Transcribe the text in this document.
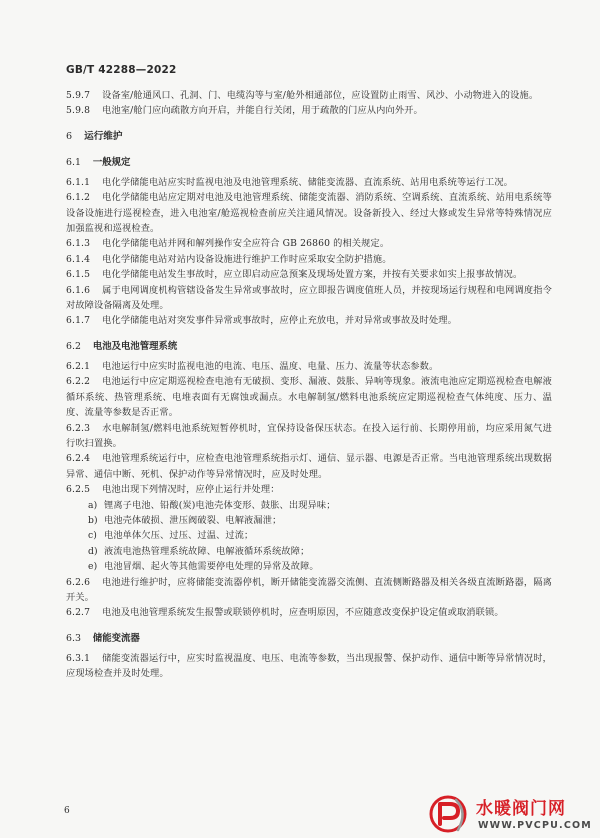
GB/T 42288—2022

5.9.7 设备室/舱通风口、孔洞、门、电缆沟等与室/舱外相通部位，应设置防止雨雪、风沙、小动物进入的设施。

5.9.8 电池室/舱门应向疏散方向开启，并能自行关闭，用于疏散的门应从内向外开。

6 运行维护

6.1 一般规定

6.1.1 电化学储能电站应实时监视电池及电池管理系统、储能变流器、直流系统、站用电系统等运行工况。

6.1.2 电化学储能电站应定期对电池及电池管理系统、储能变流器、消防系统、空调系统、直流系统、站用电系统等设备设施进行巡视检查，进入电池室/舱巡视检查前应关注通风情况。设备新投入、经过大修或发生异常等特殊情况应加强监视和巡视检查。

6.1.3 电化学储能电站并网和解列操作安全应符合 GB 26860 的相关规定。

6.1.4 电化学储能电站对站内设备设施进行维护工作时应采取安全防护措施。

6.1.5 电化学储能电站发生事故时，应立即启动应急预案及现场处置方案，并按有关要求如实上报事故情况。

6.1.6 属于电网调度机构管辖设备发生异常或事故时，应立即报告调度值班人员，并按现场运行规程和电网调度指令对故障设备隔离及处理。

6.1.7 电化学储能电站对突发事件异常或事故时，应停止充放电，并对异常或事故及时处理。

6.2 电池及电池管理系统

6.2.1 电池运行中应实时监视电池的电流、电压、温度、电量、压力、流量等状态参数。

6.2.2 电池运行中应定期巡视检查电池有无破损、变形、漏液、鼓胀、异响等现象。液流电池应定期巡视检查电解液循环系统、热管理系统、电堆表面有无腐蚀或漏点。水电解制氢/燃料电池系统应定期巡视检查气体纯度、压力、温度、流量等参数是否正常。

6.2.3 水电解制氢/燃料电池系统短暂停机时，宜保持设备保压状态。在投入运行前、长期停用前，均应采用氮气进行吹扫置换。

6.2.4 电池管理系统运行中，应检查电池管理系统指示灯、通信、显示器、电源是否正常。当电池管理系统出现数据异常、通信中断、死机、保护动作等异常情况时，应及时处理。

6.2.5 电池出现下列情况时，应停止运行并处理：

a) 锂离子电池、铅酸(炭)电池壳体变形、鼓胀、出现异味；

b) 电池壳体破损、泄压阀破裂、电解液漏泄；

c) 电池单体欠压、过压、过温、过流；

d) 液流电池热管理系统故障、电解液循环系统故障；

e) 电池冒烟、起火等其他需要停电处理的异常及故障。

6.2.6 电池进行维护时，应将储能变流器停机，断开储能变流器交流侧、直流侧断路器及相关各级直流断路器，隔离开关。

6.2.7 电池及电池管理系统发生报警或联锁停机时，应查明原因，不应随意改变保护设定值或取消联锁。

6.3 储能变流器

6.3.1 储能变流器运行中，应实时监视温度、电压、电流等参数，当出现报警、保护动作、通信中断等异常情况时，应现场检查并及时处理。

6	水暖阀门网
WWW.PVCPU.COM
